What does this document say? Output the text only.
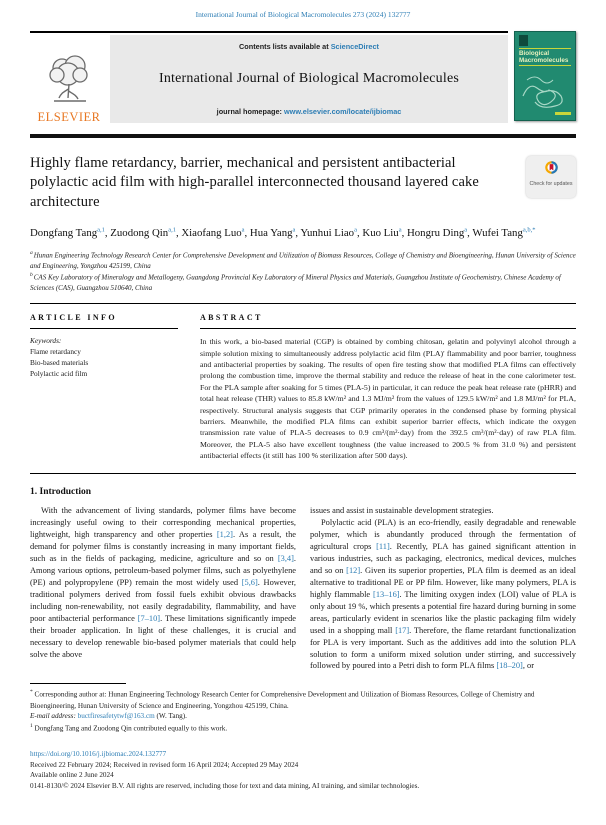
International Journal of Biological Macromolecules 273 (2024) 132777
ELSEVIER
Contents lists available at ScienceDirect
International Journal of Biological Macromolecules
journal homepage: www.elsevier.com/locate/ijbiomac
Biological
Macromolecules
Highly flame retardancy, barrier, mechanical and persistent antibacterial polylactic acid film with high-parallel interconnected thousand layered cake architecture
Check for updates
Dongfang Tang$^{a,1}$, Zuodong Qin$^{a,1}$, Xiaofang Luo$^a$, Hua Yang$^a$, Yunhui Liao$^a$, Kuo Liu$^a$, Hongru Ding$^a$, Wufei Tang$^{a,b,*}$
$^a$Hunan Engineering Technology Research Center for Comprehensive Development and Utilization of Biomass Resources, College of Chemistry and Bioengineering, Hunan University of Science and Engineering, Yongzhou 425199, China
$^b$CAS Key Laboratory of Mineralogy and Metallogeny, Guangdong Provincial Key Laboratory of Mineral Physics and Materials, Guangzhou Institute of Geochemistry, Chinese Academy of Sciences (CAS), Guangzhou 510640, China
ARTICLE INFO
Keywords:
Flame retardancy
Bio-based materials
Polylactic acid film
ABSTRACT

In this work, a bio-based material (CGP) is obtained by combing chitosan, gelatin and polyvinyl alcohol through a simple solution mixing to simultaneously address polylactic acid film (PLA)' flammability and poor barrier, toughness and antibacterial properties by soaking. The results of open fire testing show that modified PLA films can effectively prolong the combustion time, improve the thermal stability and reduce the release of heat in the cone calorimeter test. For the PLA sample after soaking for 5 times (PLA-5) in particular, it can reduce the peak heat release rate (pHRR) and total heat release (THR) values to 85.8 kW/m² and 1.3 MJ/m² from the values of 129.5 kW/m² and 1.8 MJ/m² for PLA, respectively. Structural analysis suggests that CGP primarily operates in the condensed phase by forming physical barriers. Meanwhile, the modified PLA films can exhibit superior barrier effects, which indicate the oxygen transmission rate value of PLA-5 decreases to 0.9 cm³/(m²·day) from the 392.5 cm³/(m²·day) of raw PLA film. Moreover, the PLA-5 also have excellent toughness (the value increased to 200.5 % from 31.0 %) and persistent antibacterial effects (it still has 100 % sterilization after 500 days).

1. Introduction

With the advancement of living standards, polymer films have become increasingly useful owing to their corresponding mechanical properties, lightweight, high transparency and other properties [1,2]. As a result, the demand for polymer films is constantly increasing in many important fields, such as in the fields of packaging, medicine, agriculture and so on [3,4]. Among various options, petroleum-based polymer films, such as polyethylene (PE) and polypropylene (PP) remain the most widely used [5,6]. However, traditional polymers derived from fossil fuels exhibit obvious drawbacks including non-renewability, not easily degradability, flammability, and have poor antibacterial performance [7–10]. These limitations significantly impede their broader application. In light of these challenges, it is crucial and necessary to develop renewable bio-based polymer materials that could help solve the above

issues and assist in sustainable development strategies.

Polylactic acid (PLA) is an eco-friendly, easily degradable and renewable polymer, which is abundantly produced through the fermentation of agricultural crops [11]. Recently, PLA has gained significant attention in various industries, such as packaging, electronics, medical devices, mulches and so on [12]. Given its superior properties, PLA film is deemed as an ideal alternative to traditional PE or PP film. However, like many polymers, PLA is highly flammable [13–16]. The limiting oxygen index (LOI) value of PLA is only about 19 %, which presents a potential fire hazard during burning in some areas, particularly evident in scenarios like the plastic packaging film widely used in a shopping mall [17]. Therefore, the flame retardant functionalization for PLA is very important. Such as the additives add into the solution PLA solution to form a uniform mixed solution under stirring, and successively followed by poured into a Petri dish to form PLA films [18–20], or

* Corresponding author at: Hunan Engineering Technology Research Center for Comprehensive Development and Utilization of Biomass Resources, College of Chemistry and Bioengineering, Hunan University of Science and Engineering, Yongzhou 425199, China.

E-mail address: buctfiresafetytwf@163.cm (W. Tang).

$^1$ Dongfang Tang and Zuodong Qin contributed equally to this work.

https://doi.org/10.1016/j.ijbiomac.2024.132777
Received 22 February 2024; Received in revised form 16 April 2024; Accepted 29 May 2024
Available online 2 June 2024
0141-8130/© 2024 Elsevier B.V. All rights are reserved, including those for text and data mining, AI training, and similar technologies.
